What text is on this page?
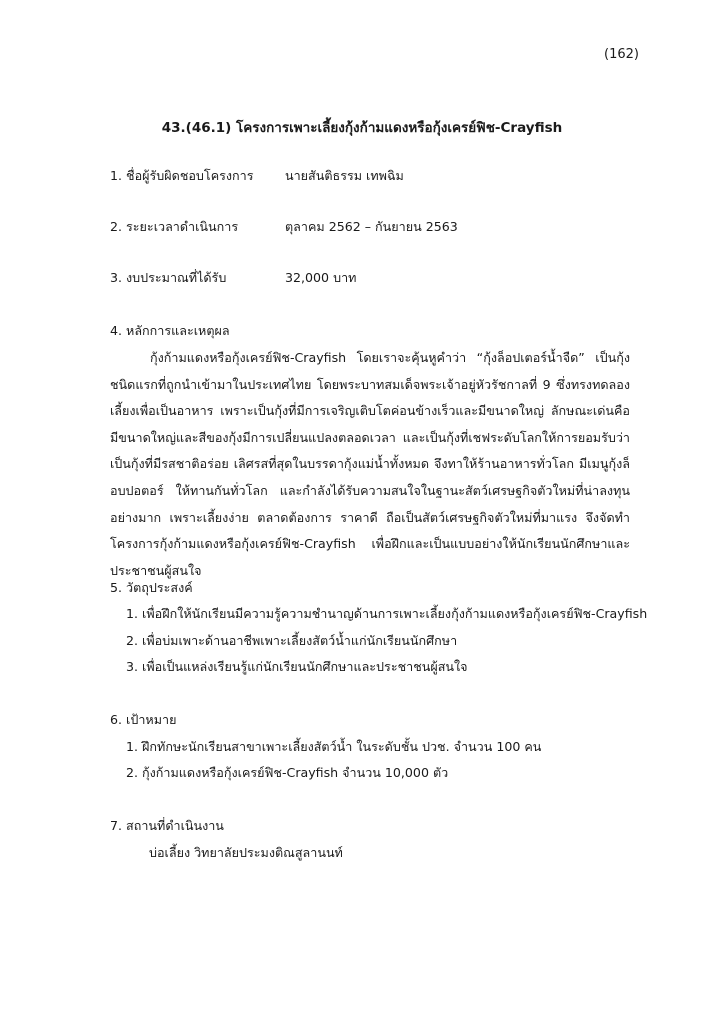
(162)
43.(46.1) โครงการเพาะเลี้ยงกุ้งก้ามแดงหรือกุ้งเครย์ฟิช-Crayfish
1. ชื่อผู้รับผิดชอบโครงการ	นายสันติธรรม เทพฉิม
2. ระยะเวลาดำเนินการ	ตุลาคม 2562 – กันยายน 2563
3. งบประมาณที่ได้รับ	32,000 บาท
4. หลักการและเหตุผล

กุ้งก้ามแดงหรือกุ้งเครย์ฟิช-Crayfish โดยเราจะคุ้นหูคำว่า “กุ้งล็อปเตอร์น้ำจืด” เป็นกุ้งชนิดแรกที่ถูกนำเข้ามาในประเทศไทย โดยพระบาทสมเด็จพระเจ้าอยู่หัวรัชกาลที่ 9 ซึ่งทรงทดลองเลี้ยงเพื่อเป็นอาหาร เพราะเป็นกุ้งที่มีการเจริญเติบโตค่อนข้างเร็วและมีขนาดใหญ่ ลักษณะเด่นคือ มีขนาดใหญ่และสีของกุ้งมีการเปลี่ยนแปลงตลอดเวลา และเป็นกุ้งที่เชฟระดับโลกให้การยอมรับว่า เป็นกุ้งที่มีรสชาติอร่อย เลิศรสที่สุดในบรรดากุ้งแม่น้ำทั้งหมด จึงทาให้ร้านอาหารทั่วโลก มีเมนูกุ้งล็อบปอตอร์ ให้ทานกันทั่วโลก และกำลังได้รับความสนใจในฐานะสัตว์เศรษฐกิจตัวใหม่ที่น่าลงทุนอย่างมาก เพราะเลี้ยงง่าย ตลาดต้องการ ราคาดี ถือเป็นสัตว์เศรษฐกิจตัวใหม่ที่มาแรง จึงจัดทำโครงการกุ้งก้ามแดงหรือกุ้งเครย์ฟิช-Crayfish เพื่อฝึกและเป็นแบบอย่างให้นักเรียนนักศึกษาและประชาชนผู้สนใจ

5. วัตถุประสงค์
1. เพื่อฝึกให้นักเรียนมีความรู้ความชำนาญด้านการเพาะเลี้ยงกุ้งก้ามแดงหรือกุ้งเครย์ฟิช-Crayfish
2. เพื่อบ่มเพาะด้านอาชีพเพาะเลี้ยงสัตว์น้ำแก่นักเรียนนักศึกษา
3. เพื่อเป็นแหล่งเรียนรู้แก่นักเรียนนักศึกษาและประชาชนผู้สนใจ
6. เป้าหมาย
1. ฝึกทักษะนักเรียนสาขาเพาะเลี้ยงสัตว์น้ำ ในระดับชั้น ปวช. จำนวน 100 คน
2. กุ้งก้ามแดงหรือกุ้งเครย์ฟิช-Crayfish จำนวน 10,000 ตัว
7. สถานที่ดำเนินงาน
บ่อเลี้ยง วิทยาลัยประมงติณสูลานนท์
